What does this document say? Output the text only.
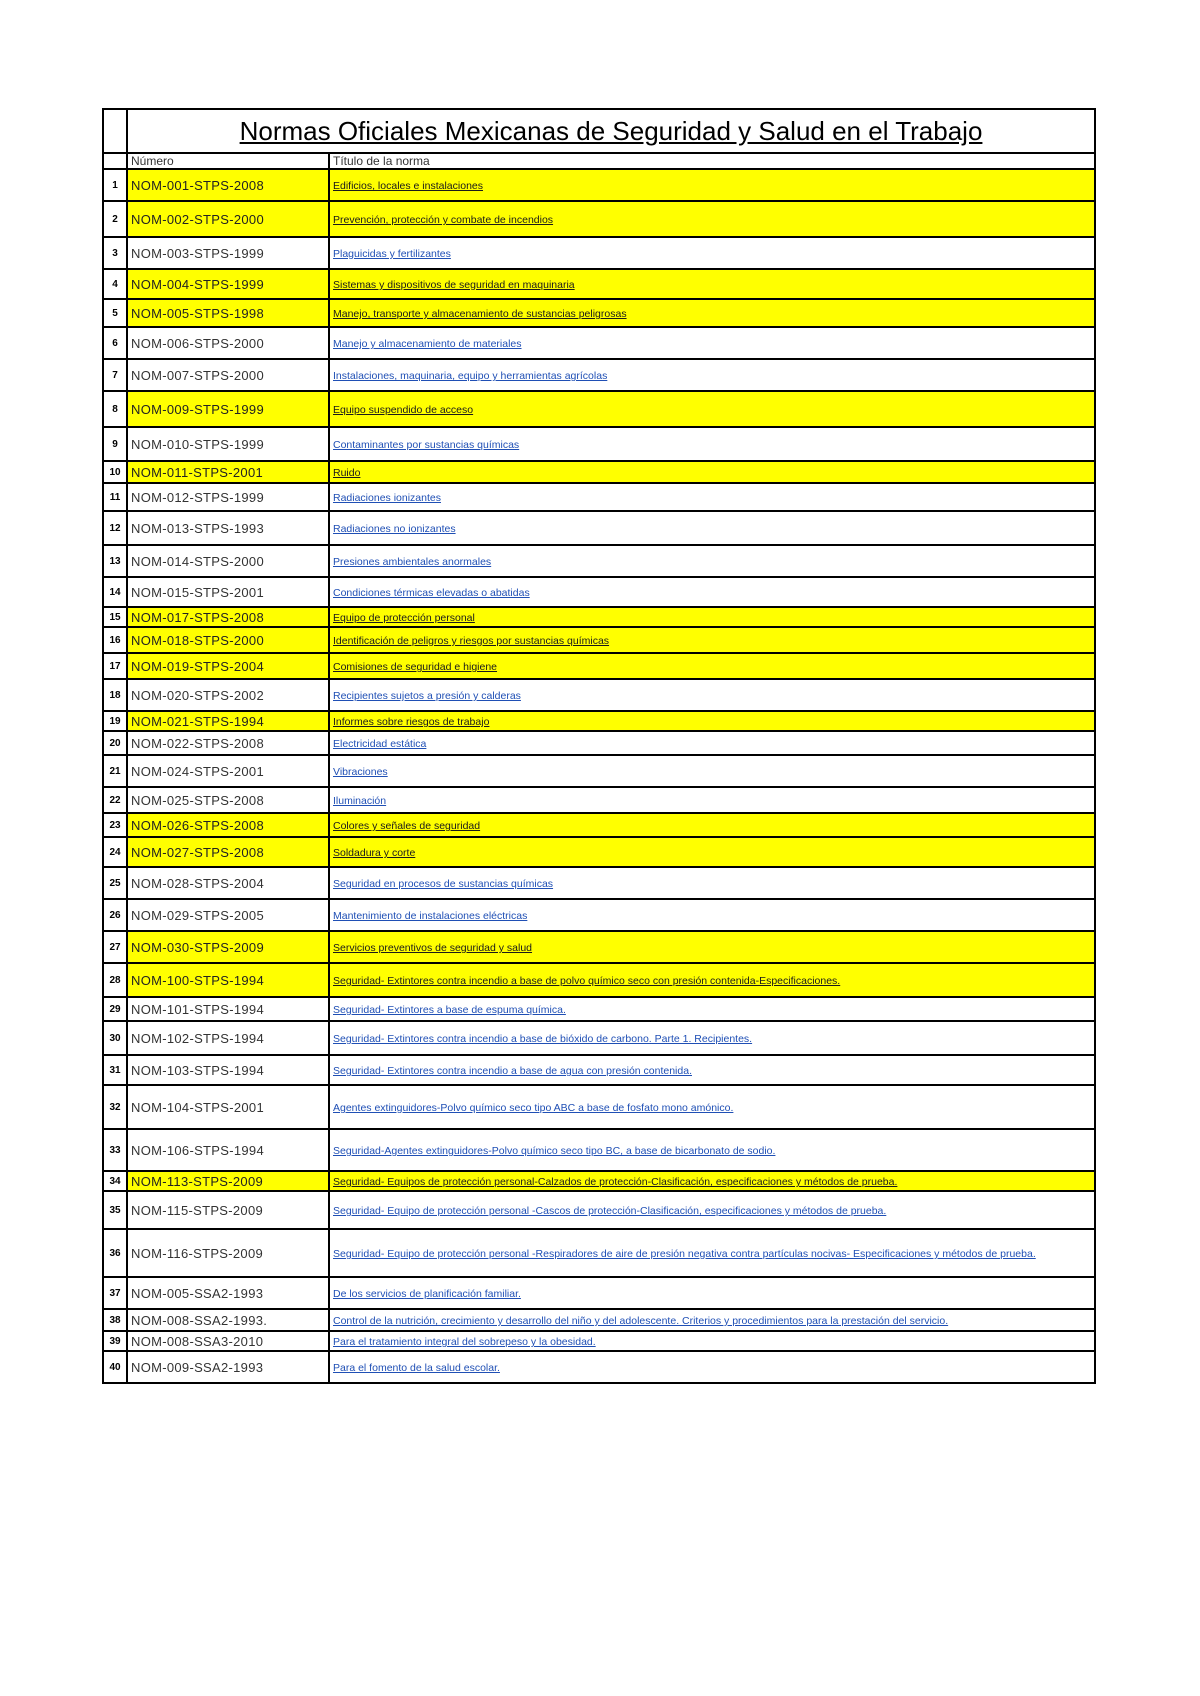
	Normas Oficiales Mexicanas de Seguridad y Salud en el Trabajo	
	Número	Título de la norma
1	NOM-001-STPS-2008	Edificios, locales e instalaciones
2	NOM-002-STPS-2000	Prevención, protección y combate de incendios
3	NOM-003-STPS-1999	Plaguicidas y fertilizantes
4	NOM-004-STPS-1999	Sistemas y dispositivos de seguridad en maquinaria
5	NOM-005-STPS-1998	Manejo, transporte y almacenamiento de sustancias peligrosas
6	NOM-006-STPS-2000	Manejo y almacenamiento de materiales
7	NOM-007-STPS-2000	Instalaciones, maquinaria, equipo y herramientas agrícolas
8	NOM-009-STPS-1999	Equipo suspendido de acceso
9	NOM-010-STPS-1999	Contaminantes por sustancias químicas
10	NOM-011-STPS-2001	Ruido
11	NOM-012-STPS-1999	Radiaciones ionizantes
12	NOM-013-STPS-1993	Radiaciones no ionizantes
13	NOM-014-STPS-2000	Presiones ambientales anormales
14	NOM-015-STPS-2001	Condiciones térmicas elevadas o abatidas
15	NOM-017-STPS-2008	Equipo de protección personal
16	NOM-018-STPS-2000	Identificación de peligros y riesgos por sustancias químicas
17	NOM-019-STPS-2004	Comisiones de seguridad e higiene
18	NOM-020-STPS-2002	Recipientes sujetos a presión y calderas
19	NOM-021-STPS-1994	Informes sobre riesgos de trabajo
20	NOM-022-STPS-2008	Electricidad estática
21	NOM-024-STPS-2001	Vibraciones
22	NOM-025-STPS-2008	Iluminación
23	NOM-026-STPS-2008	Colores y señales de seguridad
24	NOM-027-STPS-2008	Soldadura y corte
25	NOM-028-STPS-2004	Seguridad en procesos de sustancias químicas
26	NOM-029-STPS-2005	Mantenimiento de instalaciones eléctricas
27	NOM-030-STPS-2009	Servicios preventivos de seguridad y salud
28	NOM-100-STPS-1994	Seguridad- Extintores contra incendio a base de polvo químico seco con presión contenida-Especificaciones.
29	NOM-101-STPS-1994	Seguridad- Extintores a base de espuma química.
30	NOM-102-STPS-1994	Seguridad- Extintores contra incendio a base de bióxido de carbono. Parte 1. Recipientes.
31	NOM-103-STPS-1994	Seguridad- Extintores contra incendio a base de agua con presión contenida.
32	NOM-104-STPS-2001	Agentes extinguidores-Polvo químico seco tipo ABC a base de fosfato mono amónico.
33	NOM-106-STPS-1994	Seguridad-Agentes extinguidores-Polvo químico seco tipo BC, a base de bicarbonato de sodio.
34	NOM-113-STPS-2009	Seguridad- Equipos de protección personal-Calzados de protección-Clasificación, especificaciones y métodos de prueba.
35	NOM-115-STPS-2009	Seguridad- Equipo de protección personal -Cascos de protección-Clasificación, especificaciones y métodos de prueba.
36	NOM-116-STPS-2009	Seguridad- Equipo de protección personal -Respiradores de aire de presión negativa contra partículas nocivas- Especificaciones y métodos de prueba.
37	NOM-005-SSA2-1993	De los servicios de planificación familiar.
38	NOM-008-SSA2-1993.	Control de la nutrición, crecimiento y desarrollo del niño y del adolescente. Criterios y procedimientos para la prestación del servicio.
39	NOM-008-SSA3-2010	Para el tratamiento integral del sobrepeso y la obesidad.
40	NOM-009-SSA2-1993	Para el fomento de la salud escolar.
